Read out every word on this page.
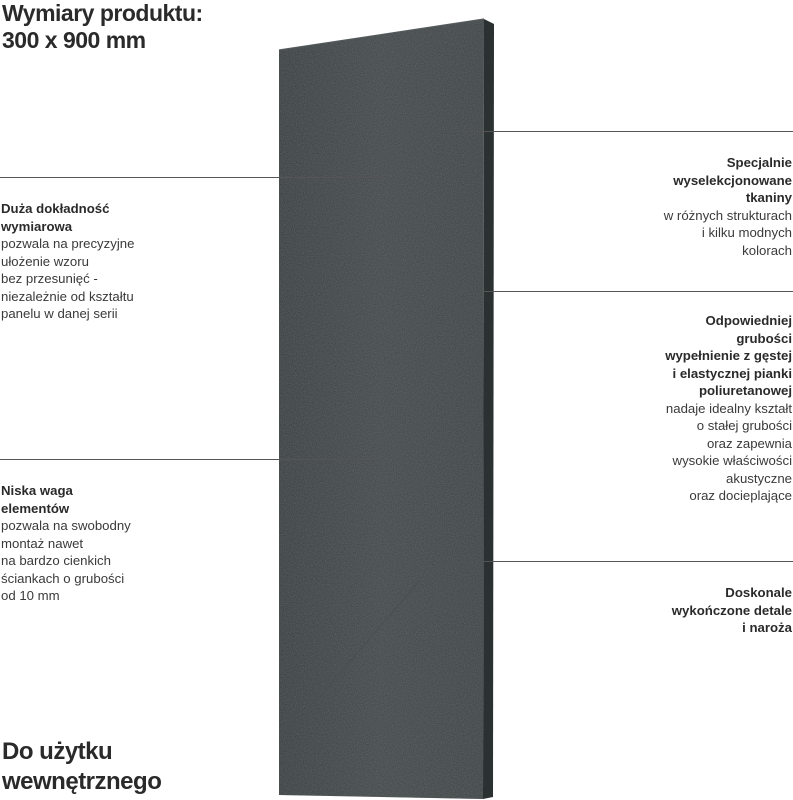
Wymiary produktu:
300 x 900 mm
Duża dokładność
wymiarowa
pozwala na precyzyjne
ułożenie wzoru
bez przesunięć -
niezależnie od kształtu
panelu w danej serii
Niska waga
elementów
pozwala na swobodny
montaż nawet
na bardzo cienkich
ściankach o grubości
od 10 mm
Specjalnie
wyselekcjonowane
tkaniny
w różnych strukturach
i kilku modnych
kolorach
Odpowiedniej
grubości
wypełnienie z gęstej
i elastycznej pianki
poliuretanowej
nadaje idealny kształt
o stałej grubości
oraz zapewnia
wysokie właściwości
akustyczne
oraz docieplające
Doskonale
wykończone detale
i naroża
Do użytku
wewnętrznego
